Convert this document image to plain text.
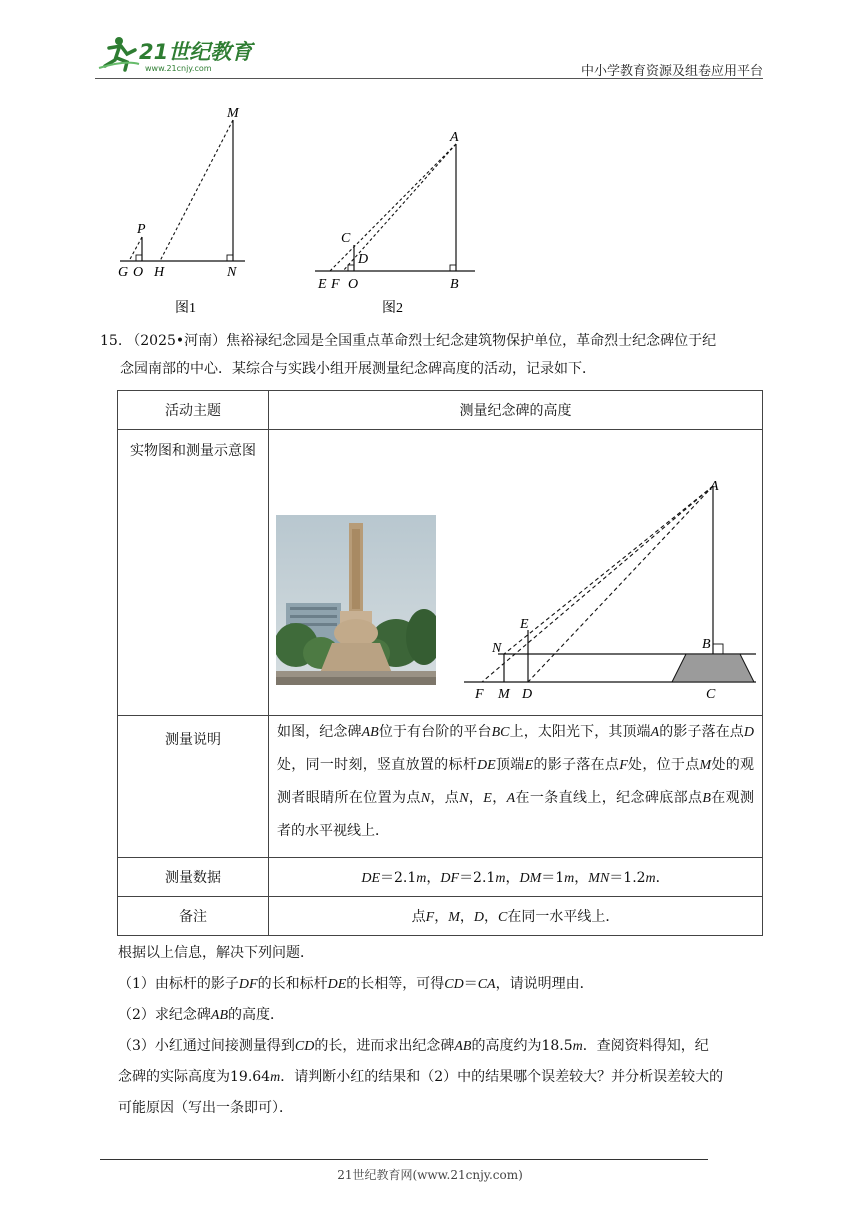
21世纪教育
www.21cnjy.com	中小学教育资源及组卷应用平台
M
P
G O H	N
图1
A
C
D
E F O	B
图2
15. （2025•河南）焦裕禄纪念园是全国重点革命烈士纪念建筑物保护单位，革命烈士纪念碑位于纪
念园南部的中心．某综合与实践小组开展测量纪念碑高度的活动，记录如下．
活动主题	测量纪念碑的高度
实物图和测量示意图	
测量说明	如图，纪念碑AB位于有台阶的平台BC上，太阳光下，其顶端A的影子落在点D处，同一时刻，竖直放置的标杆DE顶端E的影子落在点F处，位于点M处的观测者眼睛所在位置为点N，点N，E，A在一条直线上，纪念碑底部点B在观测者的水平视线上．

测量数据	DE＝2.1m，DF＝2.1m，DM＝1m，MN＝1.2m．
备注	点F，M，D，C在同一水平线上．
A
B
C
D
E
F M
N
根据以上信息，解决下列问题．
（1）由标杆的影子DF的长和标杆DE的长相等，可得CD＝CA，请说明理由．
（2）求纪念碑AB的高度．
（3）小红通过间接测量得到CD的长，进而求出纪念碑AB的高度约为18.5m．查阅资料得知，纪
念碑的实际高度为19.64m．请判断小红的结果和（2）中的结果哪个误差较大？并分析误差较大的
可能原因（写出一条即可）．
21世纪教育网(www.21cnjy.com)
